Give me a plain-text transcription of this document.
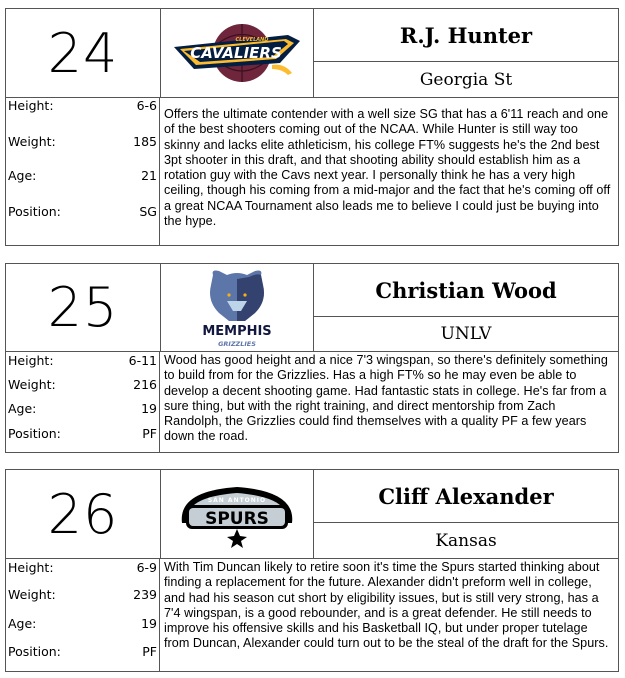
24	CAVALIERS
CLEVELAND	R.J. Hunter
Georgia St
Height:	6-6
Weight:	185
Age:	21
Position:	SG
Offers the ultimate contender with a well size SG that has a 6'11 reach and one of the best shooters coming out of the NCAA. While Hunter is still way too skinny and lacks elite athleticism, his college FT% suggests he's the 2nd best 3pt shooter in this draft, and that shooting ability should establish him as a rotation guy with the Cavs next year. I personally think he has a very high ceiling, though his coming from a mid-major and the fact that he's coming off off a great NCAA Tournament also leads me to believe I could just be buying into the hype.
25	MEMPHIS
GRIZZLIES
Christian Wood
UNLV
Height:	6-11
Weight:	216
Age:	19
Position:	PF
Wood has good height and a nice 7'3 wingspan, so there's definitely something to build from for the Grizzlies. Has a high FT% so he may even be able to develop a decent shooting game. Had fantastic stats in college. He's far from a sure thing, but with the right training, and direct mentorship from Zach Randolph, the Grizzlies could find themselves with a quality PF a few years down the road.
26	SAN ANTONIO
SPURS
Cliff Alexander
Kansas
Height:	6-9
Weight:	239
Age:	19
Position:	PF
With Tim Duncan likely to retire soon it's time the Spurs started thinking about finding a replacement for the future. Alexander didn't preform well in college, and had his season cut short by eligibility issues, but is still very strong, has a 7'4 wingspan, is a good rebounder, and is a great defender. He still needs to improve his offensive skills and his Basketball IQ, but under proper tutelage from Duncan, Alexander could turn out to be the steal of the draft for the Spurs.
